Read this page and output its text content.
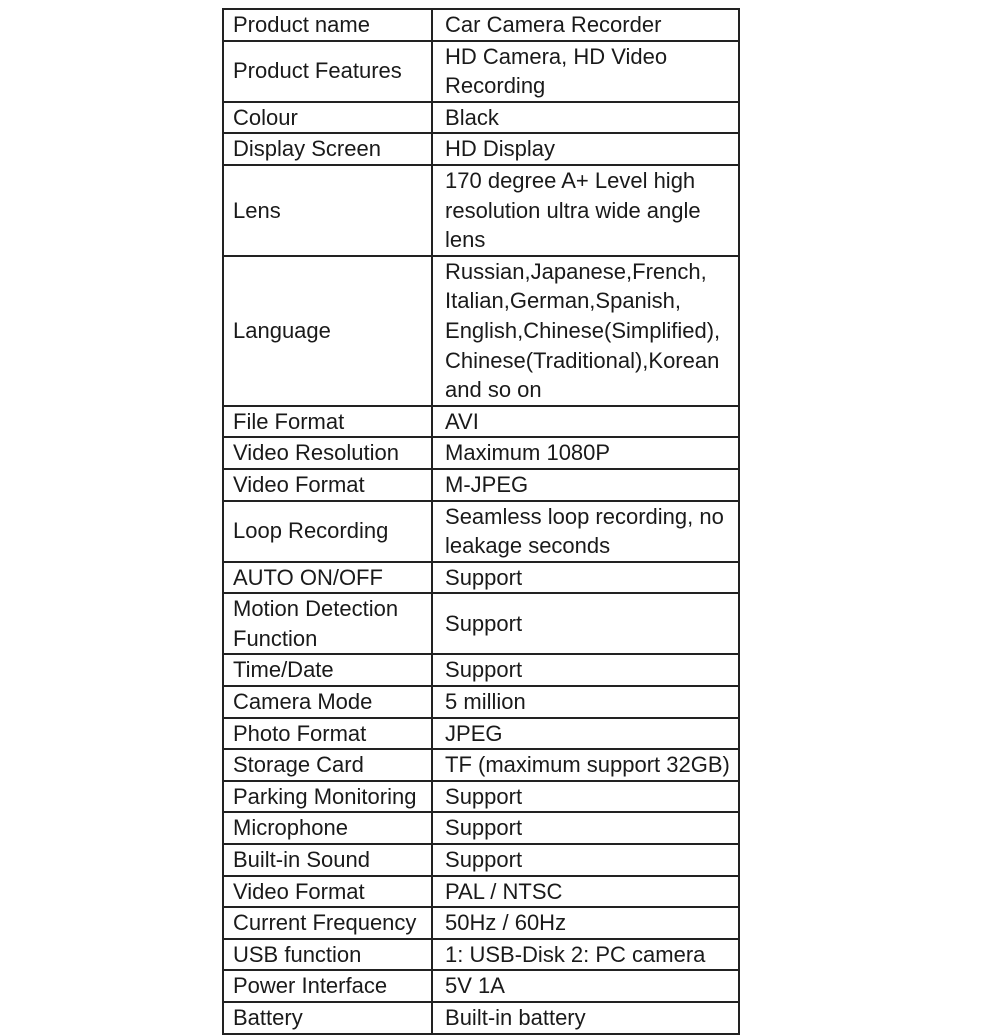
Product name	Car Camera Recorder
Product Features	HD Camera, HD Video Recording
Colour	Black
Display Screen	HD Display
Lens	170 degree A+ Level high resolution ultra wide angle lens
Language	Russian,Japanese,French, Italian,German,Spanish, English,Chinese(Simplified), Chinese(Traditional),Korean and so on
File Format	AVI
Video Resolution	Maximum 1080P
Video Format	M-JPEG
Loop Recording	Seamless loop recording, no leakage seconds
AUTO ON/OFF	Support
Motion Detection Function	Support
Time/Date	Support
Camera Mode	5 million
Photo Format	JPEG
Storage Card	TF (maximum support 32GB)
Parking Monitoring	Support
Microphone	Support
Built-in Sound	Support
Video Format	PAL / NTSC
Current Frequency	50Hz / 60Hz
USB function	1: USB-Disk 2: PC camera
Power Interface	5V 1A
Battery	Built-in battery
